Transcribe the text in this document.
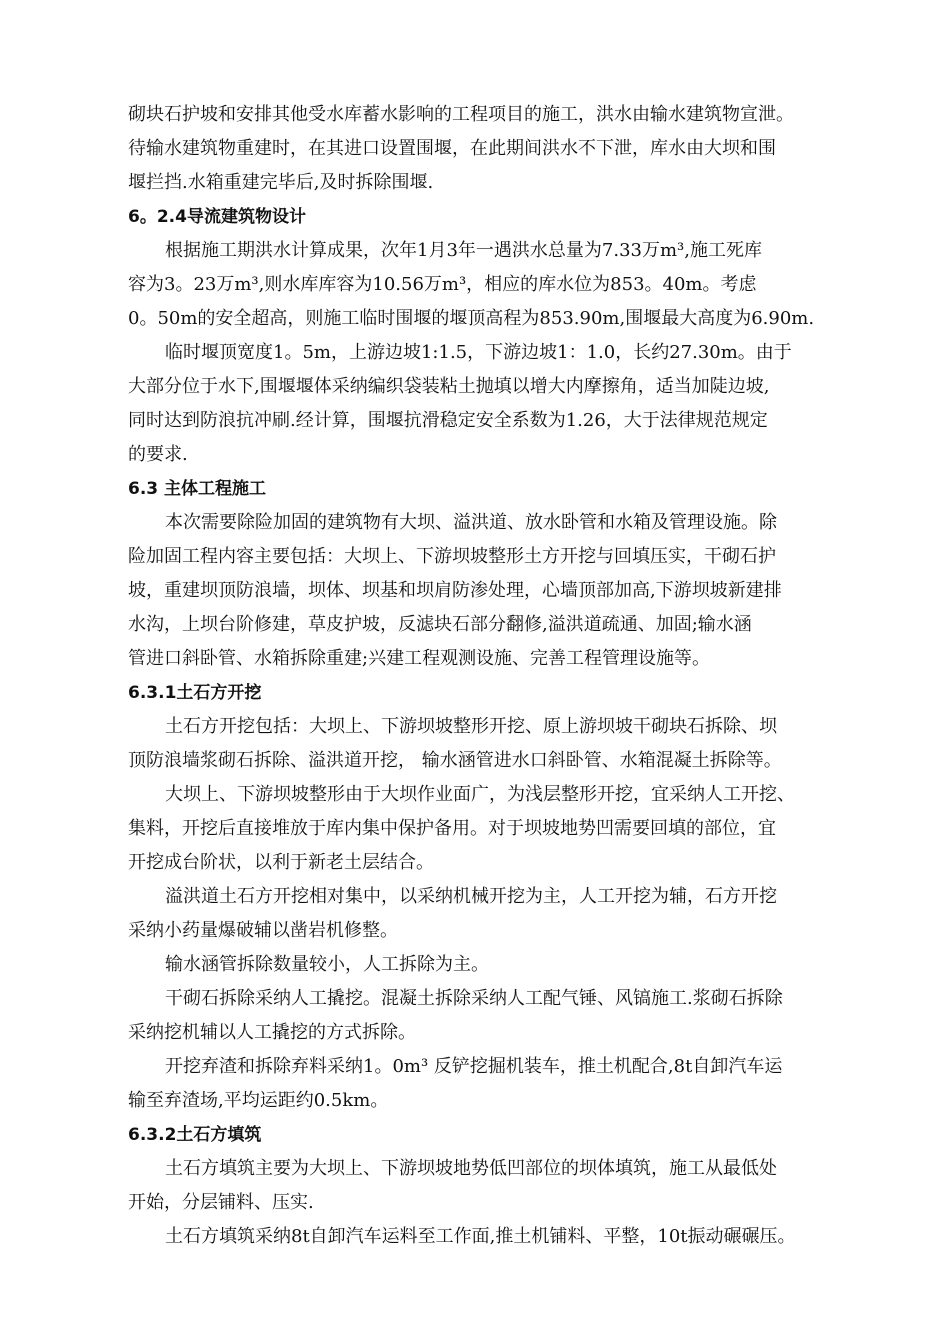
砌块石护坡和安排其他受水库蓄水影响的工程项目的施工，洪水由输水建筑物宣泄。
待输水建筑物重建时，在其进口设置围堰，在此期间洪水不下泄，库水由大坝和围
堰拦挡.水箱重建完毕后,及时拆除围堰.
6。2.4导流建筑物设计
根据施工期洪水计算成果，次年1月3年一遇洪水总量为7.33万m³,施工死库
容为3。23万m³,则水库库容为10.56万m³，相应的库水位为853。40m。考虑
0。50m的安全超高，则施工临时围堰的堰顶高程为853.90m,围堰最大高度为6.90m.
临时堰顶宽度1。5m，上游边坡1:1.5，下游边坡1：1.0，长约27.30m。由于
大部分位于水下,围堰堰体采纳编织袋装粘土抛填以增大内摩擦角，适当加陡边坡,
同时达到防浪抗冲刷.经计算，围堰抗滑稳定安全系数为1.26，大于法律规范规定
的要求.
6.3 主体工程施工
本次需要除险加固的建筑物有大坝、溢洪道、放水卧管和水箱及管理设施。除
险加固工程内容主要包括：大坝上、下游坝坡整形土方开挖与回填压实，干砌石护
坡，重建坝顶防浪墙，坝体、坝基和坝肩防渗处理，心墙顶部加高,下游坝坡新建排
水沟，上坝台阶修建，草皮护坡，反滤块石部分翻修,溢洪道疏通、加固;输水涵
管进口斜卧管、水箱拆除重建;兴建工程观测设施、完善工程管理设施等。
6.3.1土石方开挖
土石方开挖包括：大坝上、下游坝坡整形开挖、原上游坝坡干砌块石拆除、坝
顶防浪墙浆砌石拆除、溢洪道开挖， 输水涵管进水口斜卧管、水箱混凝土拆除等。
大坝上、下游坝坡整形由于大坝作业面广，为浅层整形开挖，宜采纳人工开挖、
集料，开挖后直接堆放于库内集中保护备用。对于坝坡地势凹需要回填的部位，宜
开挖成台阶状，以利于新老土层结合。
溢洪道土石方开挖相对集中，以采纳机械开挖为主，人工开挖为辅，石方开挖
采纳小药量爆破辅以凿岩机修整。
输水涵管拆除数量较小，人工拆除为主。
干砌石拆除采纳人工撬挖。混凝土拆除采纳人工配气锤、风镐施工.浆砌石拆除
采纳挖机辅以人工撬挖的方式拆除。
开挖弃渣和拆除弃料采纳1。0m³ 反铲挖掘机装车，推土机配合,8t自卸汽车运
输至弃渣场,平均运距约0.5km。
6.3.2土石方填筑
土石方填筑主要为大坝上、下游坝坡地势低凹部位的坝体填筑，施工从最低处
开始，分层铺料、压实.
土石方填筑采纳8t自卸汽车运料至工作面,推土机铺料、平整，10t振动碾碾压。
